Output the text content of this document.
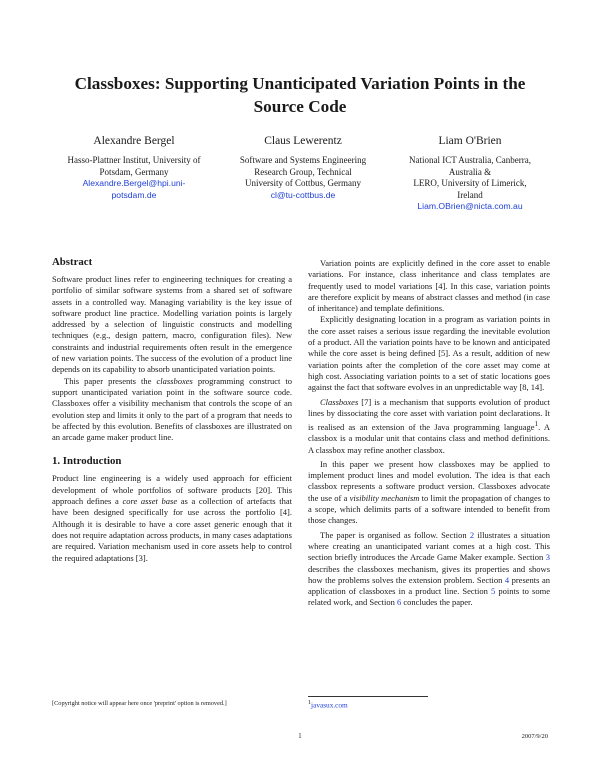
Classboxes: Supporting Unanticipated Variation Points in the
Source Code
Alexandre Bergel
Hasso-Plattner Institut, University of
Potsdam, Germany
Alexandre.Bergel@hpi.uni-
potsdam.de
Claus Lewerentz
Software and Systems Engineering
Research Group, Technical
University of Cottbus, Germany
cl@tu-cottbus.de
Liam O'Brien
National ICT Australia, Canberra,
Australia &
LERO, University of Limerick,
Ireland
Liam.OBrien@nicta.com.au
Abstract

Software product lines refer to engineering techniques for creating a portfolio of similar software systems from a shared set of software assets in a controlled way. Managing variability is the key issue of software product line practice. Modelling variation points is largely addressed by a selection of linguistic constructs and modelling techniques (e.g., design pattern, macro, configuration files). New constraints and industrial requirements often result in the emergence of new variation points. The success of the evolution of a product line depends on its capability to absorb unanticipated variation points.

This paper presents the classboxes programming construct to support unanticipated variation point in the software source code. Classboxes offer a visibility mechanism that controls the scope of an evolution step and limits it only to the part of a program that needs to be affected by this evolution. Benefits of classboxes are illustrated on an arcade game maker product line.

1. Introduction

Product line engineering is a widely used approach for efficient development of whole portfolios of software products [20]. This approach defines a core asset base as a collection of artefacts that have been designed specifically for use across the portfolio [4]. Although it is desirable to have a core asset generic enough that it does not require adaptation across products, in many cases adaptations are required. Variation mechanism used in core assets help to control the required adaptations [3].

Variation points are explicitly defined in the core asset to enable variations. For instance, class inheritance and class templates are frequently used to model variations [4]. In this case, variation points are therefore explicit by means of abstract classes and method (in case of inheritance) and template definitions.

Explicitly designating location in a program as variation points in the core asset raises a serious issue regarding the inevitable evolution of a product. All the variation points have to be known and anticipated while the core asset is being defined [5]. As a result, addition of new variation points after the completion of the core asset may come at high cost. Associating variation points to a set of static locations goes against the fact that software evolves in an unpredictable way [8, 14].

Classboxes [7] is a mechanism that supports evolution of product lines by dissociating the core asset with variation point declarations. It is realised as an extension of the Java programming language$^1$. A classbox is a modular unit that contains class and method definitions. A classbox may refine another classbox.

In this paper we present how classboxes may be applied to implement product lines and model evolution. The idea is that each classbox represents a software product version. Classboxes advocate the use of a visibility mechanism to limit the propagation of changes to a scope, which delimits parts of a software intended to benefit from those changes.

The paper is organised as follow. Section 2 illustrates a situation where creating an unanticipated variant comes at a high cost. This section briefly introduces the Arcade Game Maker example. Section 3 describes the classboxes mechanism, gives its properties and shows how the problems solves the extension problem. Section 4 presents an application of classboxes in a product line. Section 5 points to some related work, and Section 6 concludes the paper.

[Copyright notice will appear here once 'preprint' option is removed.]	$^1$javasux.com
1	2007/9/20
